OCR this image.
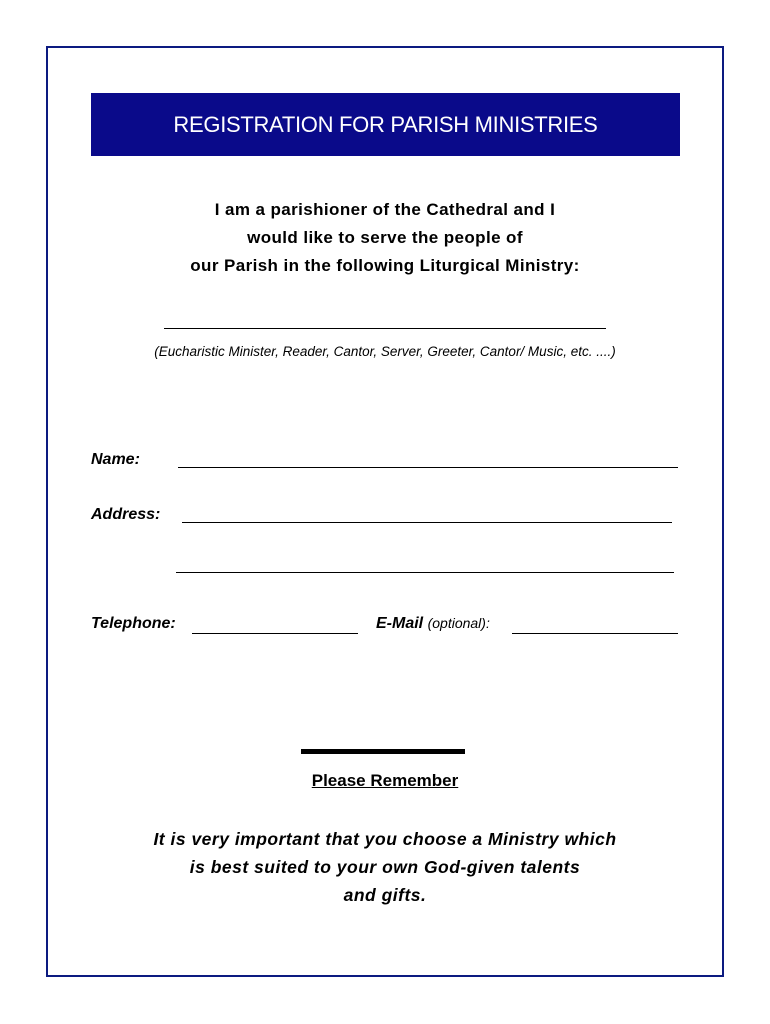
REGISTRATION FOR PARISH MINISTRIES
I am a parishioner of the Cathedral and I
would like to serve the people of
our Parish in the following Liturgical Ministry:
(Eucharistic Minister, Reader, Cantor, Server, Greeter, Cantor/ Music, etc. ....)
Name:
Address:
Telephone:	E-Mail (optional):
Please Remember
It is very important that you choose a Ministry which
is best suited to your own God-given talents
and gifts.
